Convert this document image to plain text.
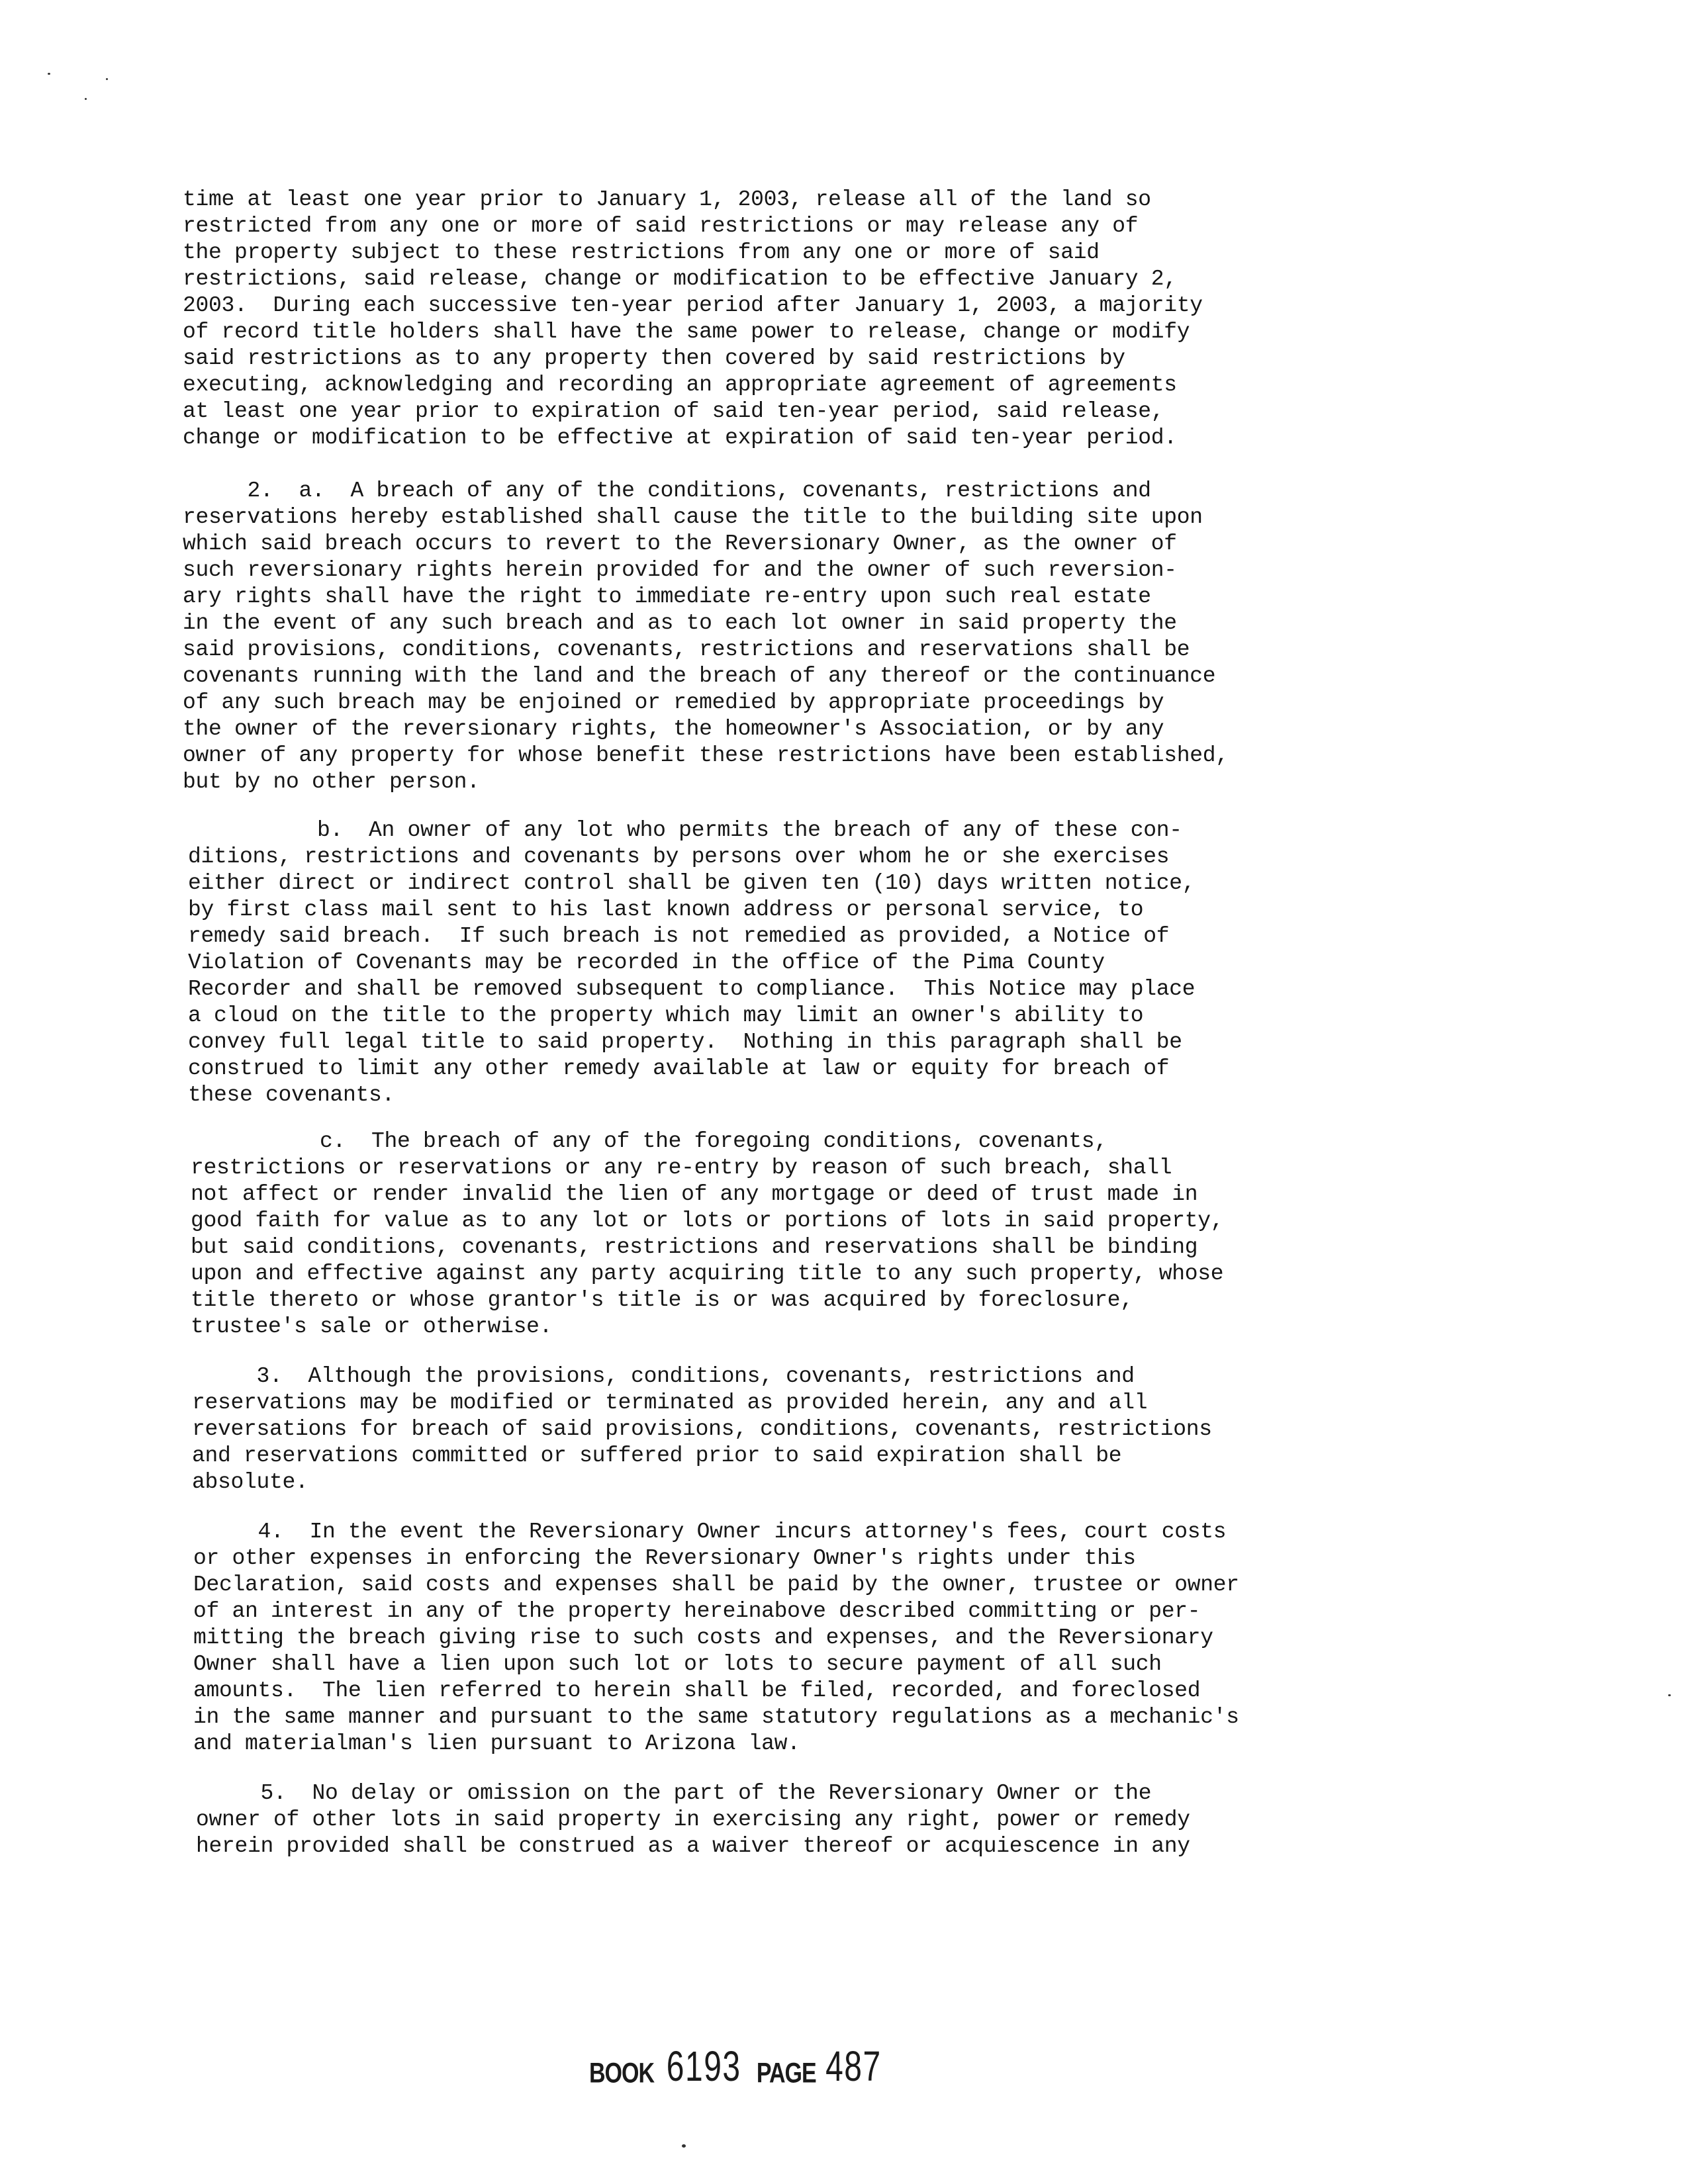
time at least one year prior to January 1, 2003, release all of the land so
restricted from any one or more of said restrictions or may release any of
the property subject to these restrictions from any one or more of said
restrictions, said release, change or modification to be effective January 2,
2003.  During each successive ten-year period after January 1, 2003, a majority
of record title holders shall have the same power to release, change or modify
said restrictions as to any property then covered by said restrictions by
executing, acknowledging and recording an appropriate agreement of agreements
at least one year prior to expiration of said ten-year period, said release,
change or modification to be effective at expiration of said ten-year period.
2.  a.  A breach of any of the conditions, covenants, restrictions and
reservations hereby established shall cause the title to the building site upon
which said breach occurs to revert to the Reversionary Owner, as the owner of
such reversionary rights herein provided for and the owner of such reversion-
ary rights shall have the right to immediate re-entry upon such real estate
in the event of any such breach and as to each lot owner in said property the
said provisions, conditions, covenants, restrictions and reservations shall be
covenants running with the land and the breach of any thereof or the continuance
of any such breach may be enjoined or remedied by appropriate proceedings by
the owner of the reversionary rights, the homeowner's Association, or by any
owner of any property for whose benefit these restrictions have been established,
but by no other person.
b.  An owner of any lot who permits the breach of any of these con-
ditions, restrictions and covenants by persons over whom he or she exercises
either direct or indirect control shall be given ten (10) days written notice,
by first class mail sent to his last known address or personal service, to
remedy said breach.  If such breach is not remedied as provided, a Notice of
Violation of Covenants may be recorded in the office of the Pima County
Recorder and shall be removed subsequent to compliance.  This Notice may place
a cloud on the title to the property which may limit an owner's ability to
convey full legal title to said property.  Nothing in this paragraph shall be
construed to limit any other remedy available at law or equity for breach of
these covenants.
c.  The breach of any of the foregoing conditions, covenants,
restrictions or reservations or any re-entry by reason of such breach, shall
not affect or render invalid the lien of any mortgage or deed of trust made in
good faith for value as to any lot or lots or portions of lots in said property,
but said conditions, covenants, restrictions and reservations shall be binding
upon and effective against any party acquiring title to any such property, whose
title thereto or whose grantor's title is or was acquired by foreclosure,
trustee's sale or otherwise.
3.  Although the provisions, conditions, covenants, restrictions and
reservations may be modified or terminated as provided herein, any and all
reversations for breach of said provisions, conditions, covenants, restrictions
and reservations committed or suffered prior to said expiration shall be
absolute.
4.  In the event the Reversionary Owner incurs attorney's fees, court costs
or other expenses in enforcing the Reversionary Owner's rights under this
Declaration, said costs and expenses shall be paid by the owner, trustee or owner
of an interest in any of the property hereinabove described committing or per-
mitting the breach giving rise to such costs and expenses, and the Reversionary
Owner shall have a lien upon such lot or lots to secure payment of all such
amounts.  The lien referred to herein shall be filed, recorded, and foreclosed
in the same manner and pursuant to the same statutory regulations as a mechanic's
and materialman's lien pursuant to Arizona law.
5.  No delay or omission on the part of the Reversionary Owner or the
owner of other lots in said property in exercising any right, power or remedy
herein provided shall be construed as a waiver thereof or acquiescence in any
BOOK 6193 PAGE 487
